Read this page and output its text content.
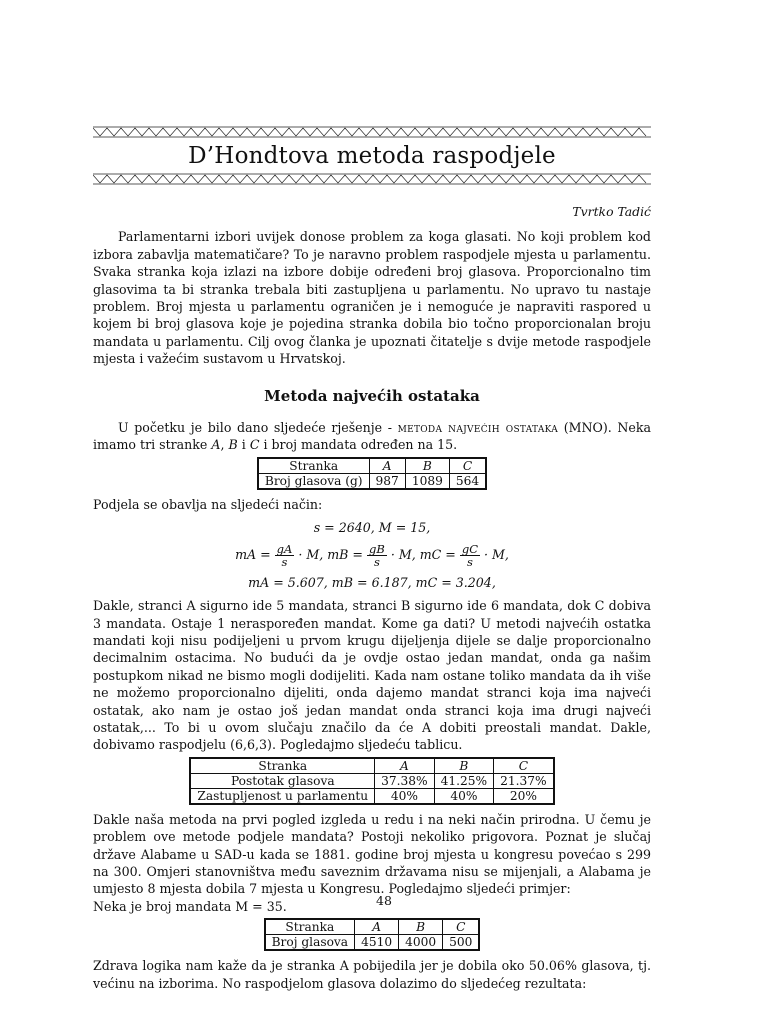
D’Hondtova metoda raspodjele
Tvrtko Tadić

Parlamentarni izbori uvijek donose problem za koga glasati. No koji problem kod izbora zabavlja matematičare? To je naravno problem raspodjele mjesta u parlamentu. Svaka stranka koja izlazi na izbore dobije određeni broj glasova. Proporcionalno tim glasovima ta bi stranka trebala biti zastupljena u parlamentu. No upravo tu nastaje problem. Broj mjesta u parlamentu ograničen je i nemoguće je napraviti raspored u kojem bi broj glasova koje je pojedina stranka dobila bio točno proporcionalan broju mandata u parlamentu. Cilj ovog članka je upoznati čitatelje s dvije metode raspodjele mjesta i važećim sustavom u Hrvatskoj.

Metoda najvećih ostataka

U početku je bilo dano sljedeće rješenje - metoda najvećih ostataka (MNO). Neka imamo tri stranke A, B i C i broj mandata određen na 15.

Stranka	A	B	C
Broj glasova (g)	987	1089	564

Podjela se obavlja na sljedeći način:

s = 2640, M = 15,
mA = $\frac{gA}{s} \cdot M$, mB = $\frac{gB}{s} \cdot M$, mC = $\frac{gC}{s} \cdot M$,
mA = 5.607, mB = 6.187, mC = 3.204,

Dakle, stranci A sigurno ide 5 mandata, stranci B sigurno ide 6 mandata, dok C dobiva 3 mandata. Ostaje 1 neraspoređen mandat. Kome ga dati? U metodi najvećih ostatka mandati koji nisu podijeljeni u prvom krugu dijeljenja dijele se dalje proporcionalno decimalnim ostacima. No budući da je ovdje ostao jedan mandat, onda ga našim postupkom nikad ne bismo mogli dodijeliti. Kada nam ostane toliko mandata da ih više ne možemo proporcionalno dijeliti, onda dajemo mandat stranci koja ima najveći ostatak, ako nam je ostao još jedan mandat onda stranci koja ima drugi najveći ostatak,... To bi u ovom slučaju značilo da će A dobiti preostali mandat. Dakle, dobivamo raspodjelu (6,6,3). Pogledajmo sljedeću tablicu.

Stranka	A	B	C
Postotak glasova	37.38%	41.25%	21.37%
Zastupljenost u parlamentu	40%	40%	20%

Dakle naša metoda na prvi pogled izgleda u redu i na neki način prirodna. U čemu je problem ove metode podjele mandata? Postoji nekoliko prigovora. Poznat je slučaj države Alabame u SAD-u kada se 1881. godine broj mjesta u kongresu povećao s 299 na 300. Omjeri stanovništva među saveznim državama nisu se mijenjali, a Alabama je umjesto 8 mjesta dobila 7 mjesta u Kongresu. Pogledajmo sljedeći primjer:

Neka je broj mandata M = 35.

Stranka	A	B	C
Broj glasova	4510	4000	500

Zdrava logika nam kaže da je stranka A pobijedila jer je dobila oko 50.06% glasova, tj. većinu na izborima. No raspodjelom glasova dolazimo do sljedećeg rezultata:

48
